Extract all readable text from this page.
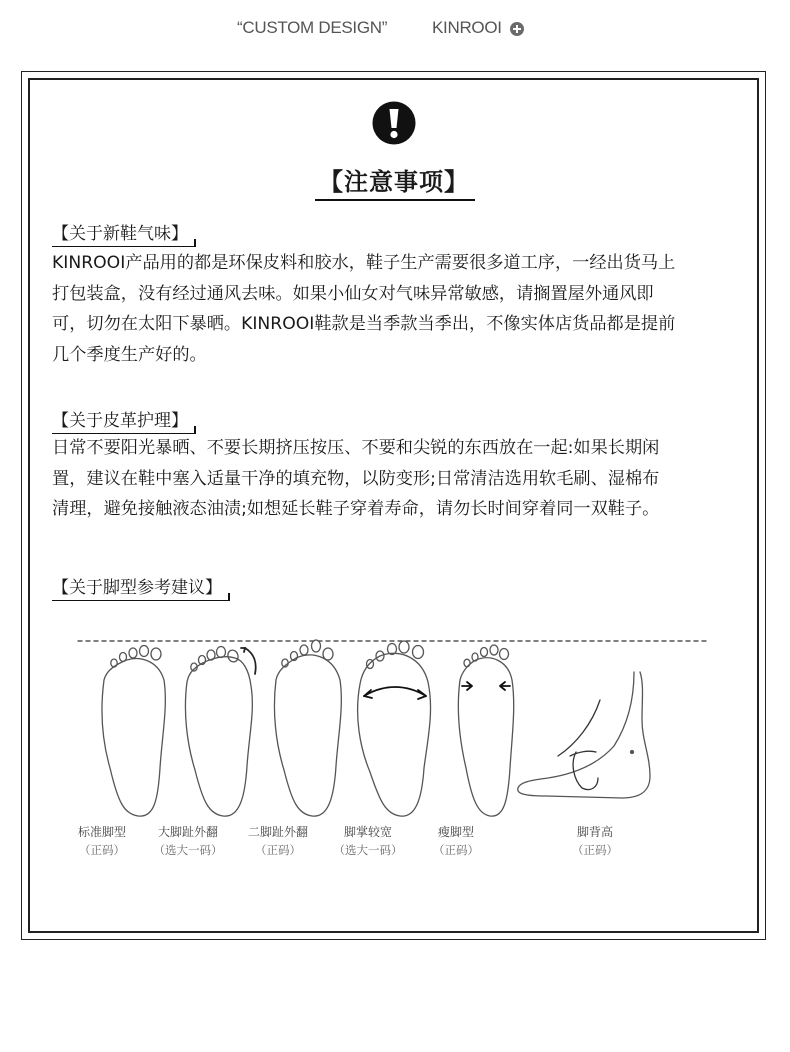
“CUSTOM DESIGN”	KINROOI
【注意事项】
【关于新鞋气味】
KINROOI产品用的都是环保皮料和胶水，鞋子生产需要很多道工序，一经出货马上
打包装盒，没有经过通风去味。如果小仙女对气味异常敏感，请搁置屋外通风即
可，切勿在太阳下暴晒。KINROOI鞋款是当季款当季出，不像实体店货品都是提前
几个季度生产好的。
【关于皮革护理】
日常不要阳光暴晒、不要长期挤压按压、不要和尖锐的东西放在一起:如果长期闲
置，建议在鞋中塞入适量干净的填充物，以防变形;日常清洁选用软毛刷、湿棉布
清理，避免接触液态油渍;如想延长鞋子穿着寿命，请勿长时间穿着同一双鞋子。
【关于脚型参考建议】
标准脚型
（正码）
大脚趾外翻
（选大一码）
二脚趾外翻
（正码）
脚掌较宽
（选大一码）
瘦脚型
（正码）
脚背高
（正码）
